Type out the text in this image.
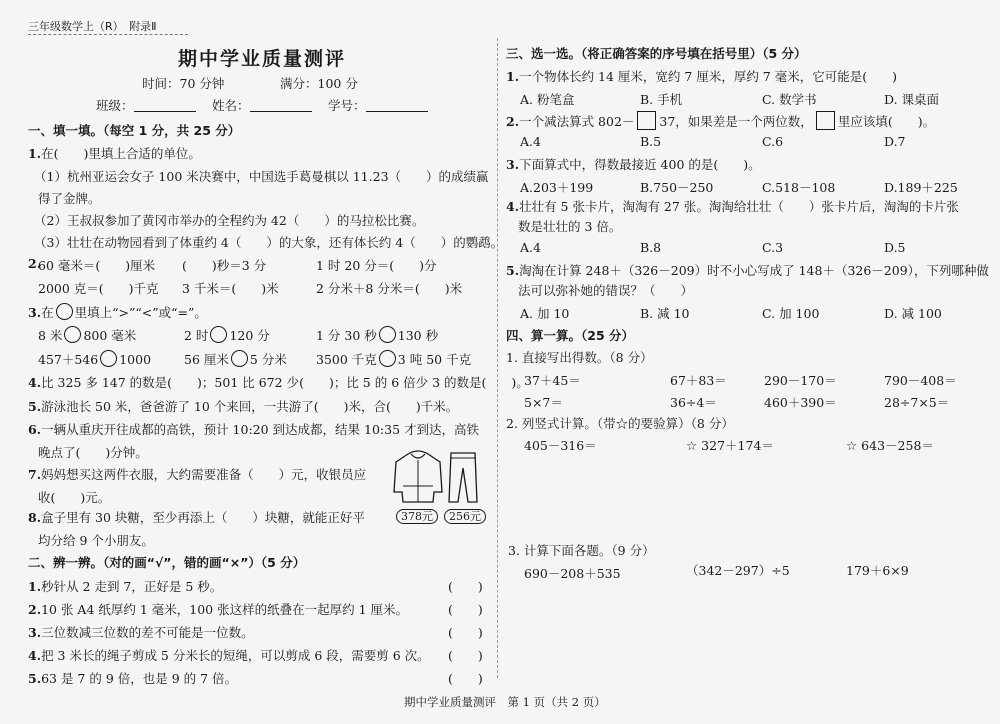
三年级数学上（R）　 附录Ⅱ
期中学业质量测评
时间：70 分钟	满分：100 分
班级： 　	姓名： 　	学号：
一、填一填。（每空 1 分，共 25 分）
1.在(　　)里填上合适的单位。
（1）杭州亚运会女子 100 米决赛中，中国选手葛曼棋以 11.23（　　）的成绩赢
得了金牌。
（2）王叔叔参加了黄冈市举办的全程约为 42（　　）的马拉松比赛。
（3）壮壮在动物园看到了体重约 4（　　）的大象，还有体长约 4（　　）的鹦鹉。
2.
60 毫米＝(　　)厘米 (　　)秒＝3 分	1 时 20 分＝(　　)分
2000 克＝(　　)千克 3 千米＝(　　)米	2 分米＋8 分米＝(　　)米
3.在 里填上“>”“<”或“=”。
8 米 800 毫米	2 时 120 分	1 分 30 秒 130 秒
457＋546 1000	56 厘米 5 分米 3500 千克 3 吨 50 千克
4.比 325 多 147 的数是(　　)；501 比 672 少(　　)；比 5 的 6 倍少 3 的数是(　　)。
5.游泳池长 50 米，爸爸游了 10 个来回，一共游了(　　)米，合(　　)千米。
6.一辆从重庆开往成都的高铁，预计 10:20 到达成都，结果 10:35 才到达，高铁
晚点了(　　)分钟。
7.妈妈想买这两件衣服，大约需要准备（　　）元，收银员应
收(　　)元。
378元	256元
8.盒子里有 30 块糖，至少再添上（　　）块糖，就能正好平
均分给 9 个小朋友。
二、辨一辨。（对的画“√”，错的画“×”）（5 分）
1.秒针从 2 走到 7，正好是 5 秒。	(　　)
2.10 张 A4 纸厚约 1 毫米，100 张这样的纸叠在一起厚约 1 厘米。	(　　)
3.三位数减三位数的差不可能是一位数。	(　　)
4.把 3 米长的绳子剪成 5 分米长的短绳，可以剪成 6 段，需要剪 6 次。 (　　)
5.63 是 7 的 9 倍，也是 9 的 7 倍。	(　　)
三、选一选。（将正确答案的序号填在括号里）（5 分）
1.一个物体长约 14 厘米，宽约 7 厘米，厚约 7 毫米，它可能是(　　)
A. 粉笔盒	B. 手机	C. 数学书	D. 课桌面
2.一个减法算式 802－ 37，如果差是一个两位数， 里应该填(　　)。
A.4	B.5	C.6	D.7
3.下面算式中，得数最接近 400 的是(　　)。
A.203＋199	B.750－250	C.518－108	D.189＋225
4.壮壮有 5 张卡片，淘淘有 27 张。淘淘给壮壮（　　）张卡片后，淘淘的卡片张
数是壮壮的 3 倍。
A.4	B.8	C.3	D.5
5.淘淘在计算 248＋（326－209）时不小心写成了 148＋（326－209），下列哪种做
法可以弥补她的错误？（　　）
A. 加 10	B. 减 10	C. 加 100	D. 减 100
四、算一算。（25 分）
1. 直接写出得数。（8 分）
37＋45＝	67＋83＝	290－170＝	790－408＝
5×7＝	36÷4＝	460＋390＝	28÷7×5＝
2. 列竖式计算。（带☆的要验算）（8 分）
405－316＝	☆ 327＋174＝	☆ 643－258＝
3. 计算下面各题。（9 分）
690－208＋535	（342－297）÷5	179＋6×9
期中学业质量测评　第 1 页（共 2 页）
